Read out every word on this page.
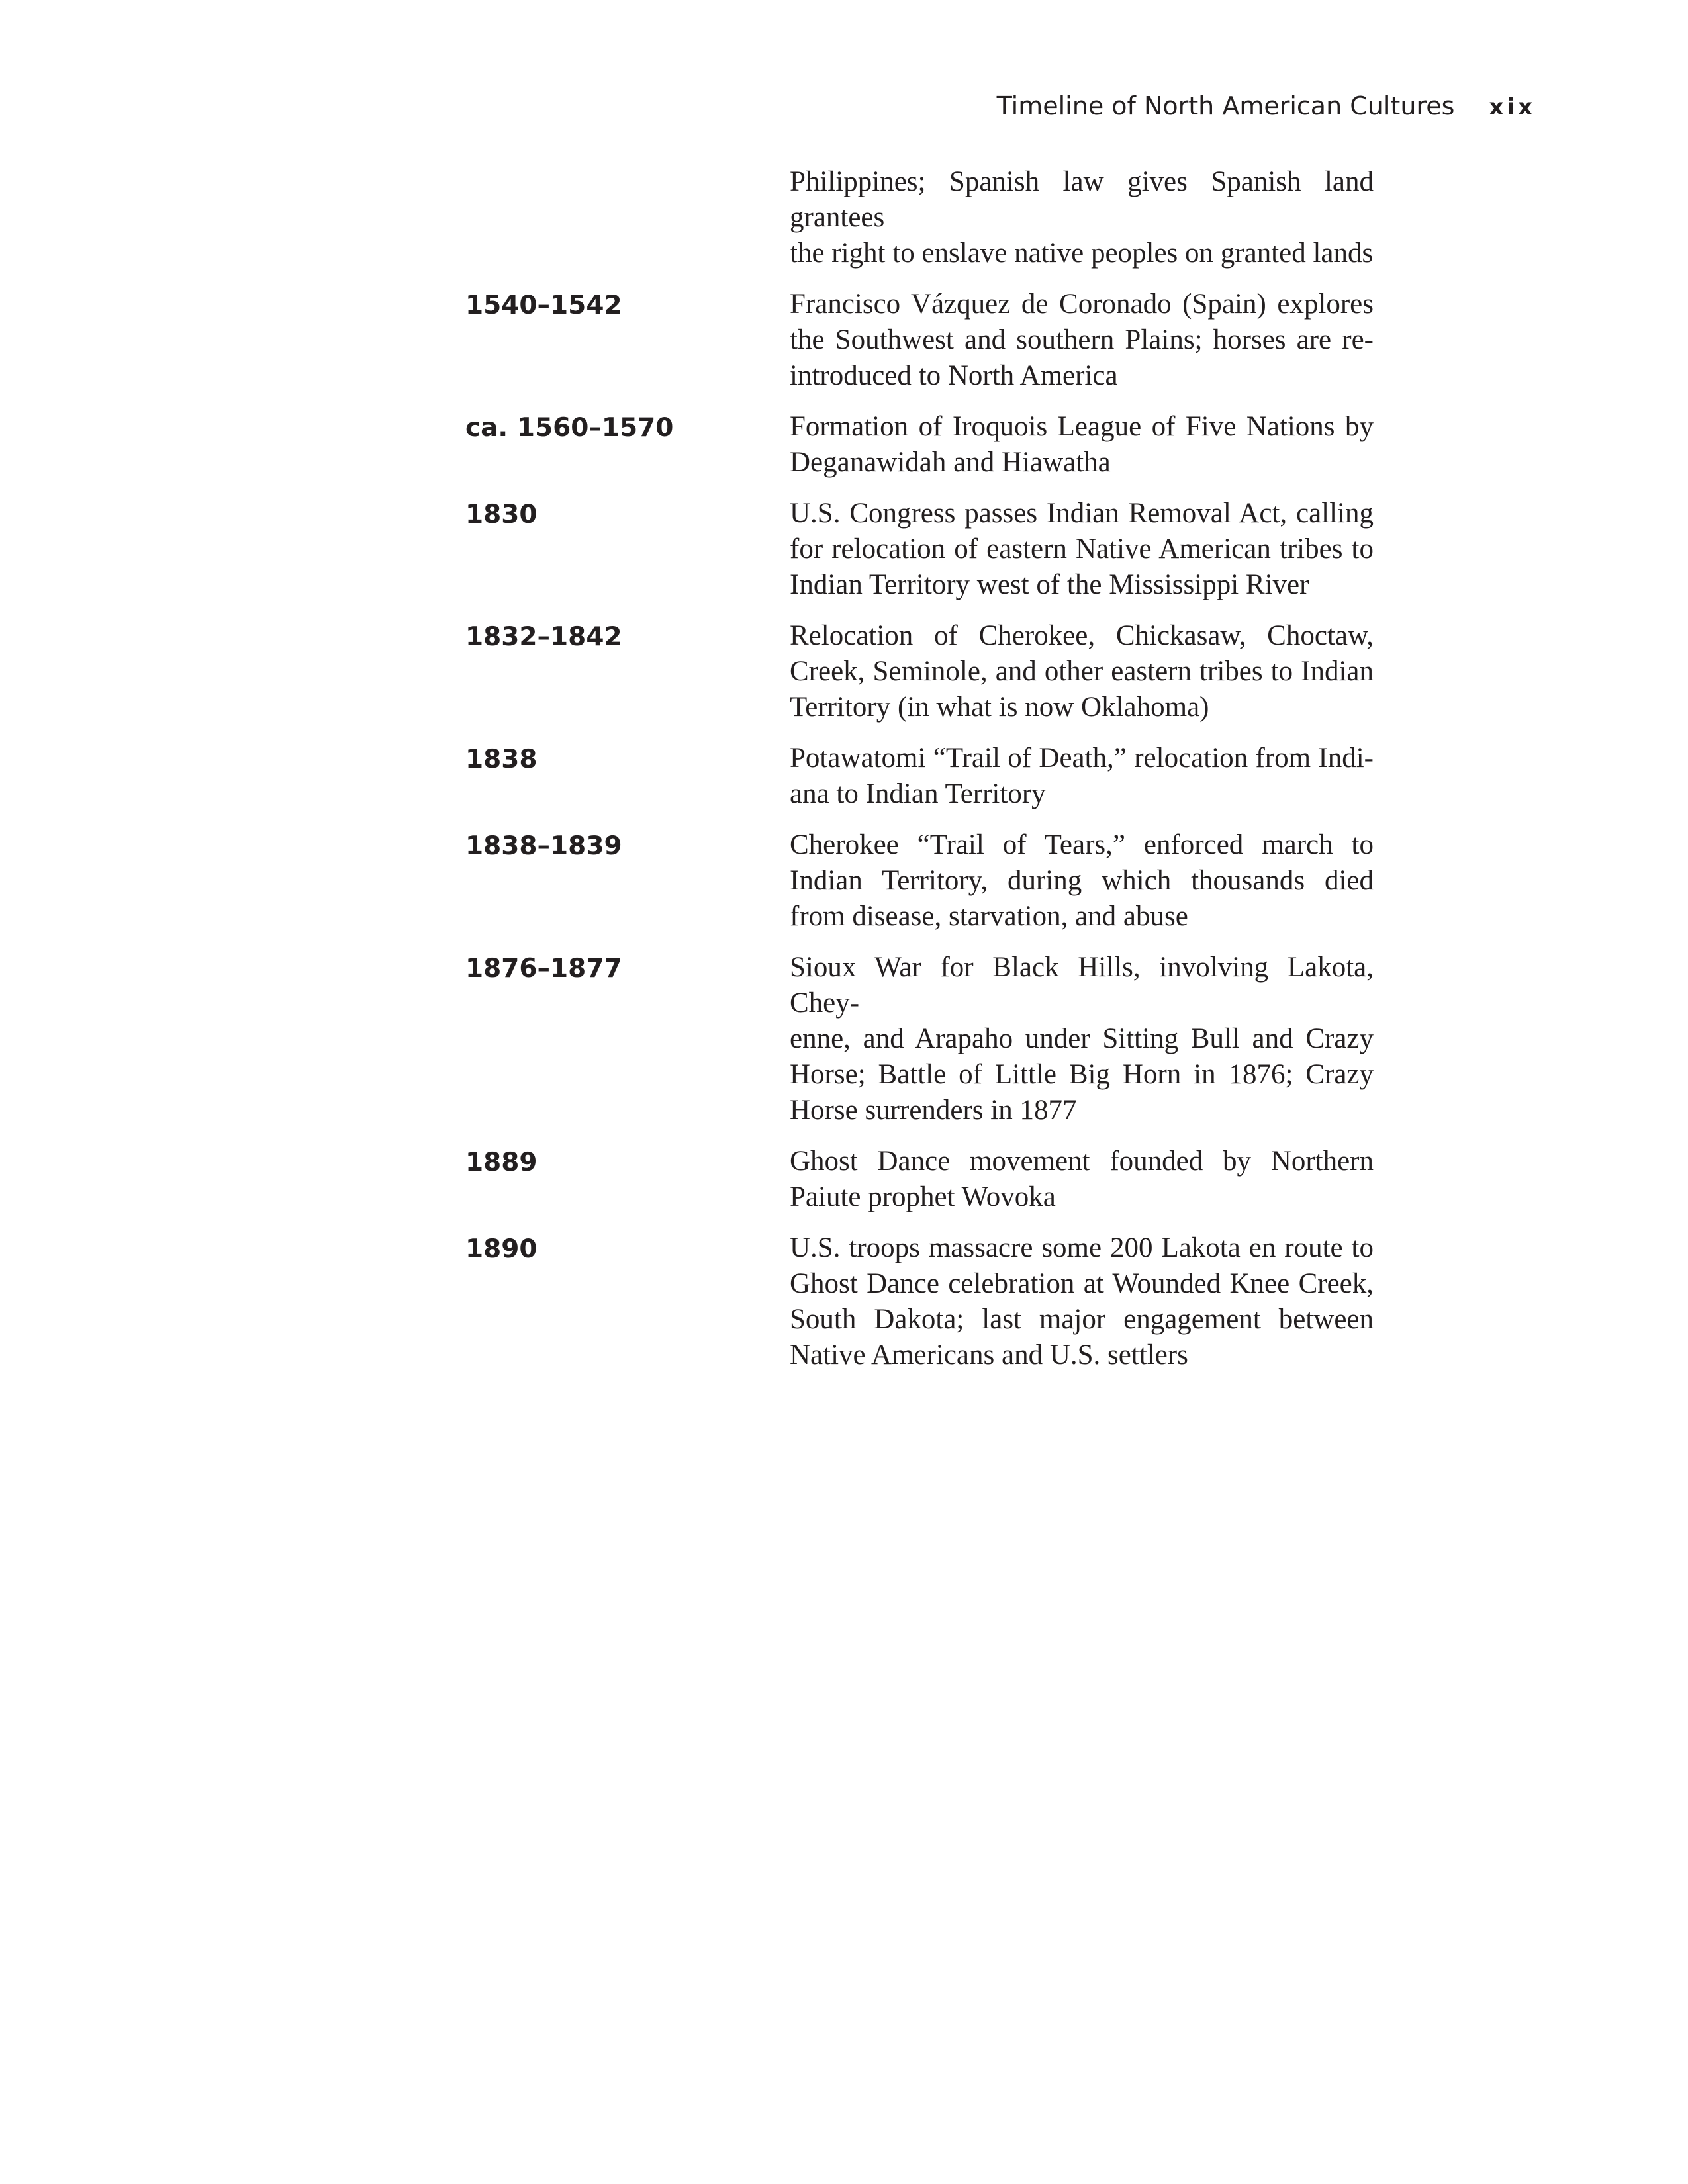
Timeline of North American Cultures xix
Philippines; Spanish law gives Spanish land grantees
the right to enslave native peoples on granted lands
1540–1542	Francisco Vázquez de Coronado (Spain) explores
the Southwest and southern Plains; horses are re-
introduced to North America
ca. 1560–1570	Formation of Iroquois League of Five Nations by
Deganawidah and Hiawatha
1830	U.S. Congress passes Indian Removal Act, calling
for relocation of eastern Native American tribes to
Indian Territory west of the Mississippi River
1832–1842	Relocation of Cherokee, Chickasaw, Choctaw,
Creek, Seminole, and other eastern tribes to Indian
Territory (in what is now Oklahoma)
1838	Potawatomi “Trail of Death,” relocation from Indi-
ana to Indian Territory
1838–1839	Cherokee “Trail of Tears,” enforced march to
Indian Territory, during which thousands died
from disease, starvation, and abuse
1876–1877	Sioux War for Black Hills, involving Lakota, Chey-
enne, and Arapaho under Sitting Bull and Crazy
Horse; Battle of Little Big Horn in 1876; Crazy
Horse surrenders in 1877
1889	Ghost Dance movement founded by Northern
Paiute prophet Wovoka
1890	U.S. troops massacre some 200 Lakota en route to
Ghost Dance celebration at Wounded Knee Creek,
South Dakota; last major engagement between
Native Americans and U.S. settlers
